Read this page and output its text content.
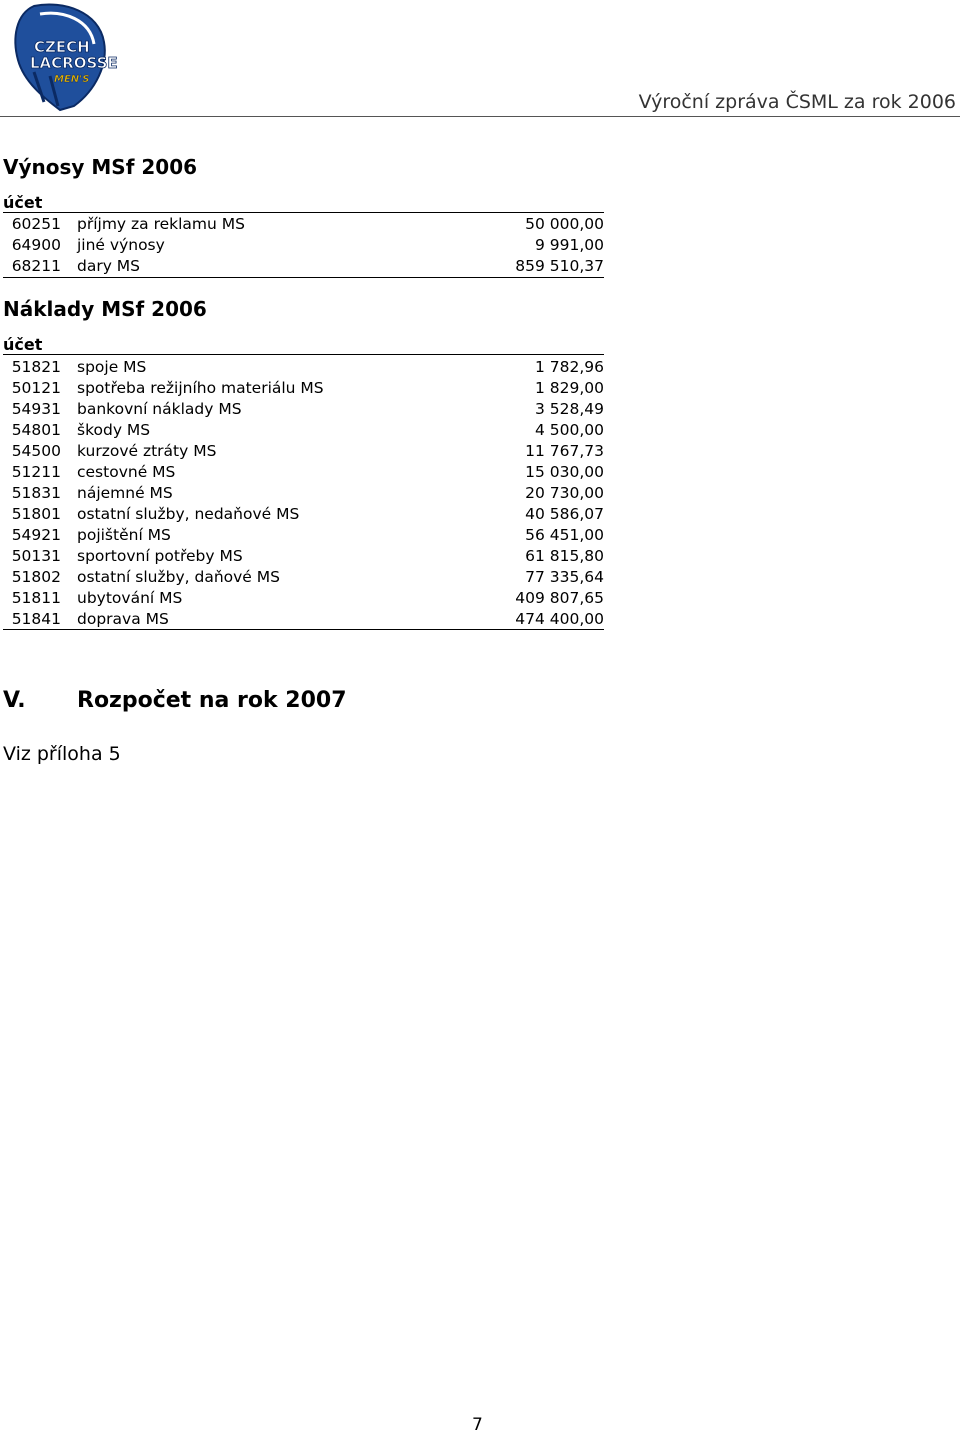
CZECH
LACROSSE
MEN'S
Výroční zpráva ČSML za rok 2006
Výnosy MSf 2006
účet
60251 příjmy za reklamu MS	50 000,00
64900 jiné výnosy	9 991,00
68211 dary MS	859 510,37
Náklady MSf 2006
účet
51821 spoje MS	1 782,96
50121 spotřeba režijního materiálu MS	1 829,00
54931 bankovní náklady MS	3 528,49
54801 škody MS	4 500,00
54500 kurzové ztráty MS	11 767,73
51211 cestovné MS	15 030,00
51831 nájemné MS	20 730,00
51801 ostatní služby, nedaňové MS	40 586,07
54921 pojištění MS	56 451,00
50131 sportovní potřeby MS	61 815,80
51802 ostatní služby, daňové MS	77 335,64
51811 ubytování MS	409 807,65
51841 doprava MS	474 400,00
V. Rozpočet na rok 2007
Viz příloha 5
7
